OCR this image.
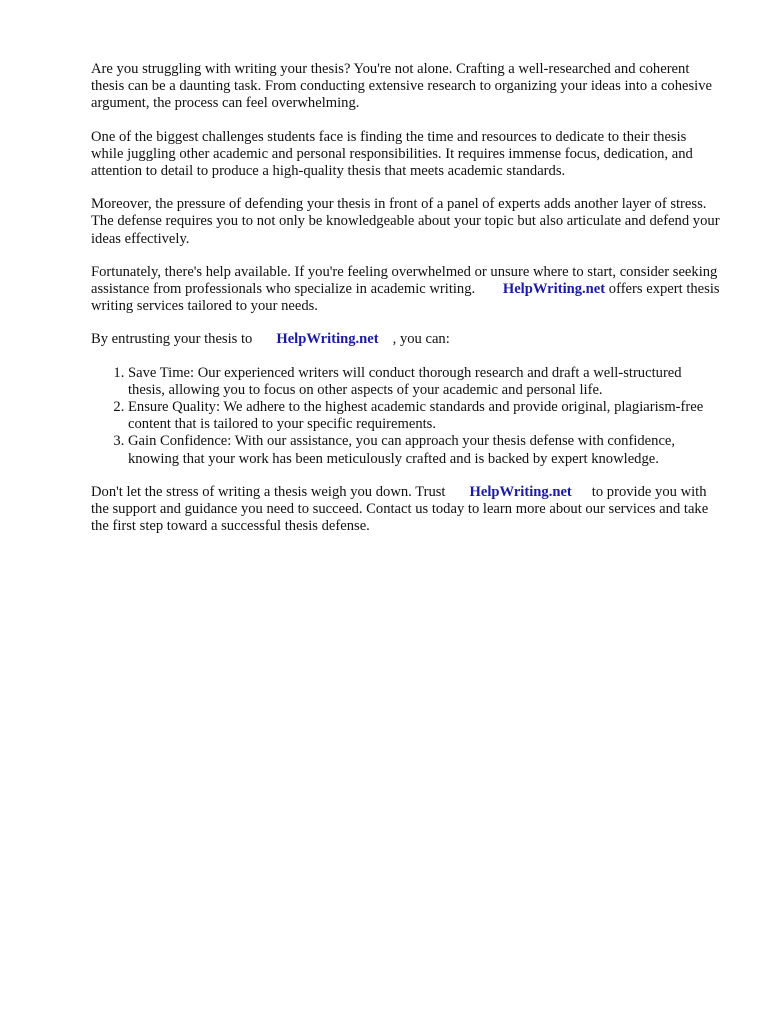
Are you struggling with writing your thesis? You're not alone. Crafting a well-researched and coherent thesis can be a daunting task. From conducting extensive research to organizing your ideas into a cohesive argument, the process can feel overwhelming.

One of the biggest challenges students face is finding the time and resources to dedicate to their thesis while juggling other academic and personal responsibilities. It requires immense focus, dedication, and attention to detail to produce a high-quality thesis that meets academic standards.

Moreover, the pressure of defending your thesis in front of a panel of experts adds another layer of stress. The defense requires you to not only be knowledgeable about your topic but also articulate and defend your ideas effectively.

Fortunately, there's help available. If you're feeling overwhelmed or unsure where to start, consider seeking assistance from professionals who specialize in academic writing. HelpWriting.net offers expert thesis writing services tailored to your needs.

By entrusting your thesis to HelpWriting.net , you can:

1. Save Time: Our experienced writers will conduct thorough research and draft a well-structured thesis, allowing you to focus on other aspects of your academic and personal life.
2. Ensure Quality: We adhere to the highest academic standards and provide original, plagiarism-free content that is tailored to your specific requirements.
3. Gain Confidence: With our assistance, you can approach your thesis defense with confidence, knowing that your work has been meticulously crafted and is backed by expert knowledge.

Don't let the stress of writing a thesis weigh you down. Trust HelpWriting.net to provide you with the support and guidance you need to succeed. Contact us today to learn more about our services and take the first step toward a successful thesis defense.
